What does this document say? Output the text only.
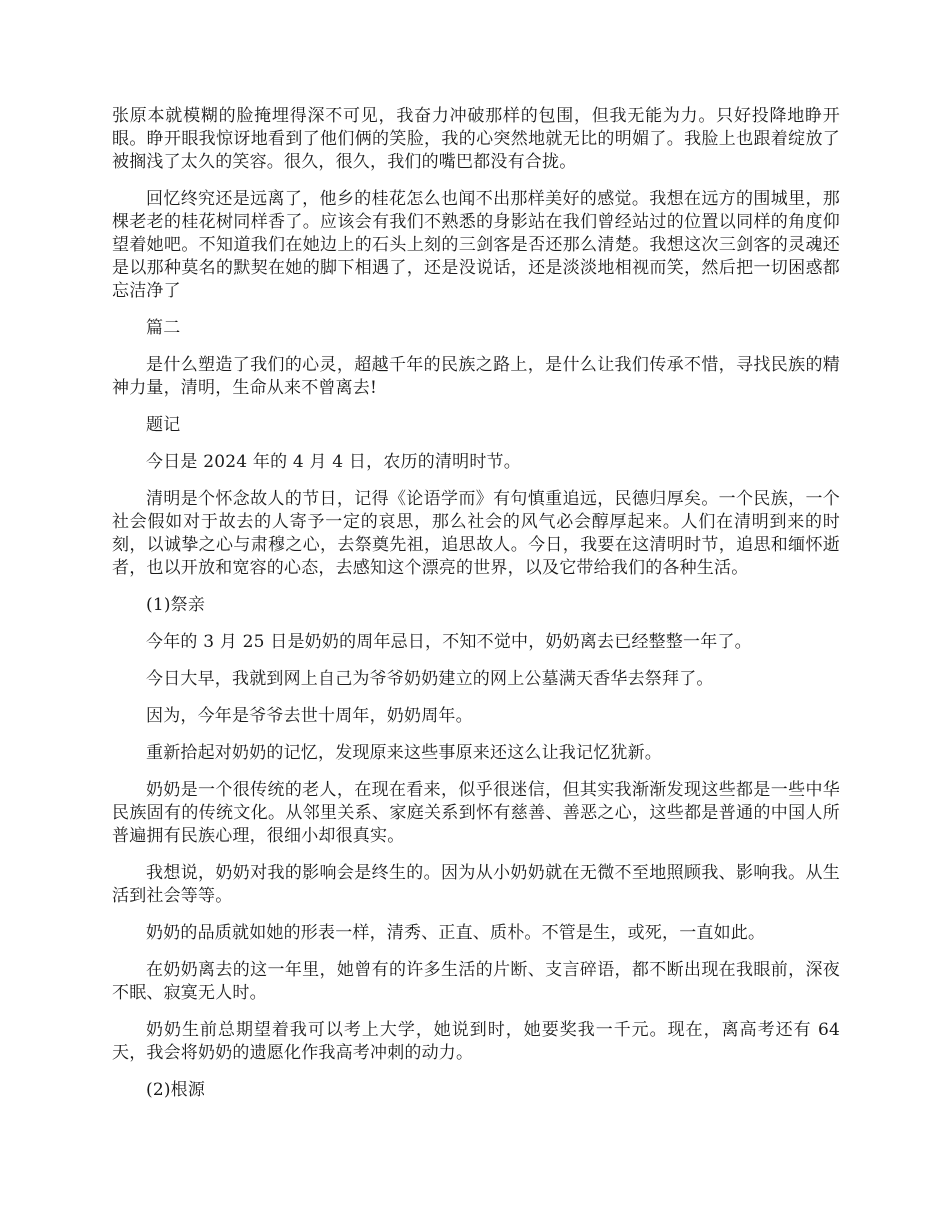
张原本就模糊的脸掩埋得深不可见，我奋力冲破那样的包围，但我无能为力。只好投降地睁开眼。睁开眼我惊讶地看到了他们俩的笑脸，我的心突然地就无比的明媚了。我脸上也跟着绽放了被搁浅了太久的笑容。很久，很久，我们的嘴巴都没有合拢。

回忆终究还是远离了，他乡的桂花怎么也闻不出那样美好的感觉。我想在远方的围城里，那棵老老的桂花树同样香了。应该会有我们不熟悉的身影站在我们曾经站过的位置以同样的角度仰望着她吧。不知道我们在她边上的石头上刻的三剑客是否还那么清楚。我想这次三剑客的灵魂还是以那种莫名的默契在她的脚下相遇了，还是没说话，还是淡淡地相视而笑，然后把一切困惑都忘洁净了

篇二

是什么塑造了我们的心灵，超越千年的民族之路上，是什么让我们传承不惜，寻找民族的精神力量，清明，生命从来不曾离去!

题记

今日是 2024 年的 4 月 4 日，农历的清明时节。

清明是个怀念故人的节日，记得《论语学而》有句慎重追远，民德归厚矣。一个民族，一个社会假如对于故去的人寄予一定的哀思，那么社会的风气必会醇厚起来。人们在清明到来的时刻，以诚挚之心与肃穆之心，去祭奠先祖，追思故人。今日，我要在这清明时节，追思和缅怀逝者，也以开放和宽容的心态，去感知这个漂亮的世界，以及它带给我们的各种生活。

(1)祭亲

今年的 3 月 25 日是奶奶的周年忌日，不知不觉中，奶奶离去已经整整一年了。

今日大早，我就到网上自己为爷爷奶奶建立的网上公墓满天香华去祭拜了。

因为，今年是爷爷去世十周年，奶奶周年。

重新拾起对奶奶的记忆，发现原来这些事原来还这么让我记忆犹新。

奶奶是一个很传统的老人，在现在看来，似乎很迷信，但其实我渐渐发现这些都是一些中华民族固有的传统文化。从邻里关系、家庭关系到怀有慈善、善恶之心，这些都是普通的中国人所普遍拥有民族心理，很细小却很真实。

我想说，奶奶对我的影响会是终生的。因为从小奶奶就在无微不至地照顾我、影响我。从生活到社会等等。

奶奶的品质就如她的形表一样，清秀、正直、质朴。不管是生，或死，一直如此。

在奶奶离去的这一年里，她曾有的许多生活的片断、支言碎语，都不断出现在我眼前，深夜不眠、寂寞无人时。

奶奶生前总期望着我可以考上大学，她说到时，她要奖我一千元。现在，离高考还有 64 天，我会将奶奶的遗愿化作我高考冲刺的动力。

(2)根源
